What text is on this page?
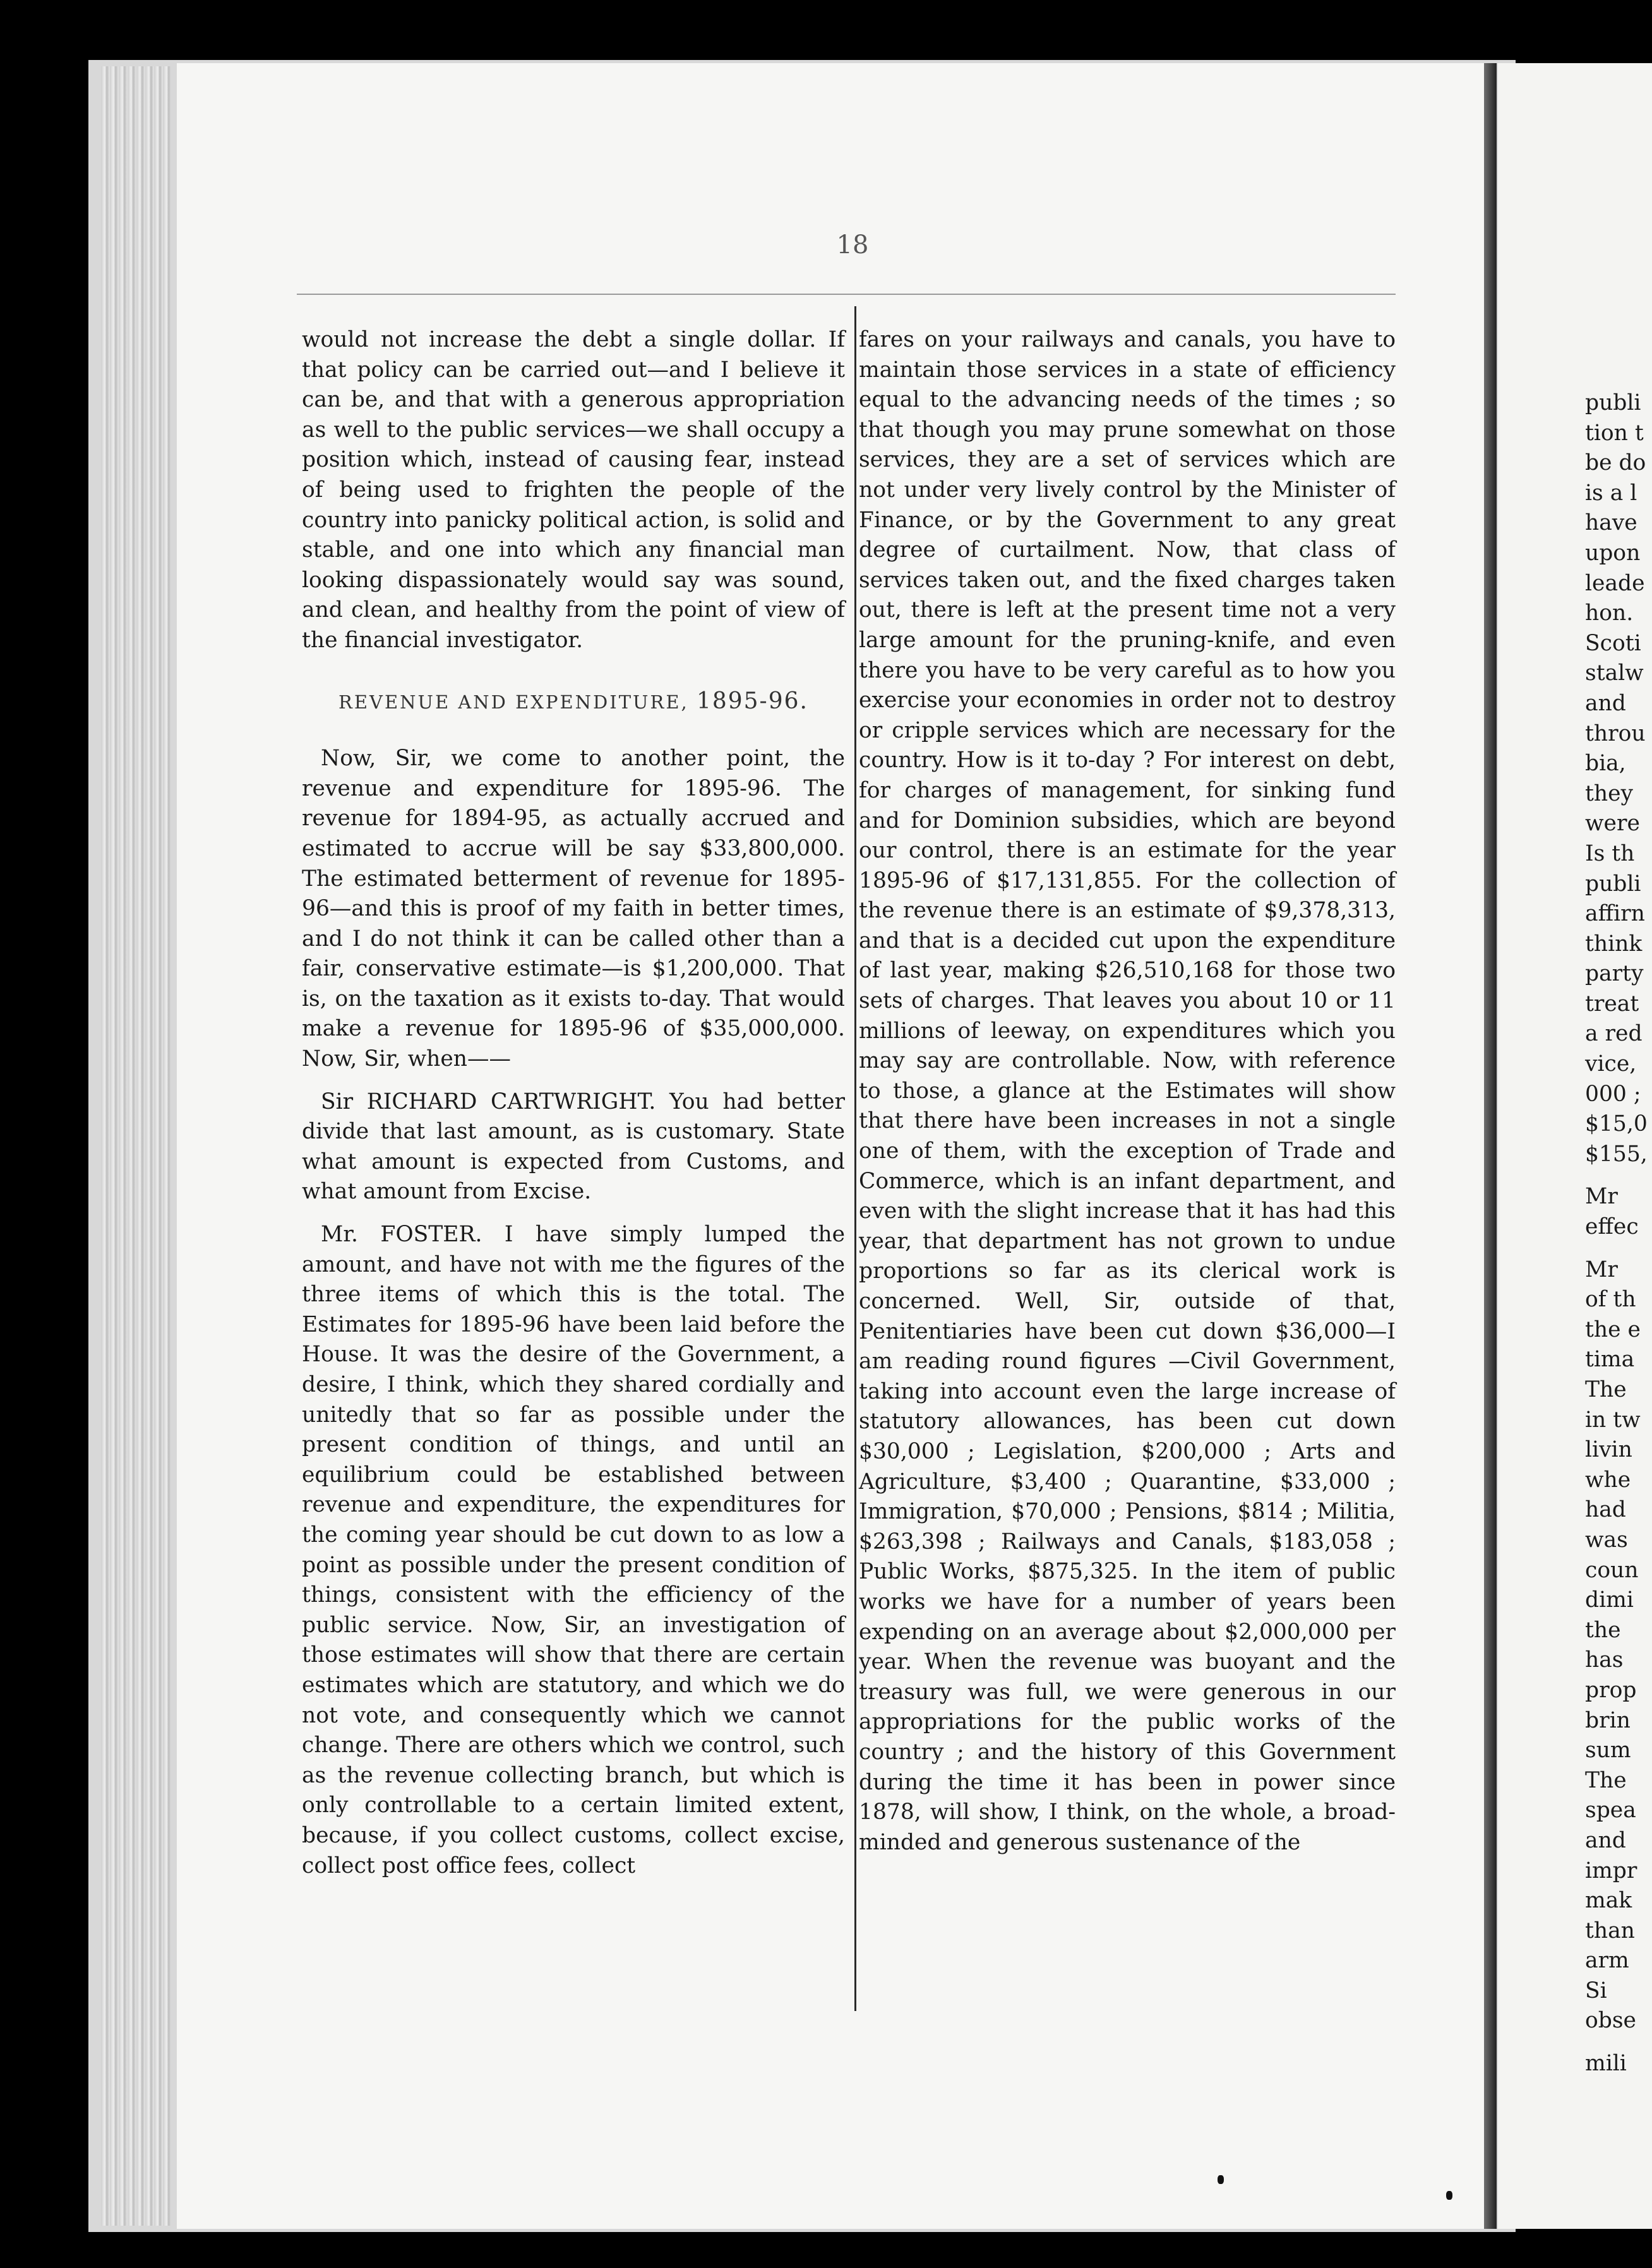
publi

tion t

be do

is a l

have

upon

leade

hon.

Scoti

stalw

and

throu

bia,

they

were

Is th

publi

affirn

think

party

treat

a red

vice,

000 ;

$15,0

$155,

Mr

effec

Mr

of th

the e

tima

The

in tw

livin

whe

had

was

coun

dimi

the

has

prop

brin

sum

The

spea

and

impr

mak

than

arm

Si

obse

mili

18

would not increase the debt a single dollar. If that policy can be carried out—and I believe it can be, and that with a generous appropriation as well to the public services—we shall occupy a position which, instead of causing fear, instead of being used to frighten the people of the country into panicky political action, is solid and stable, and one into which any financial man looking dispassionately would say was sound, and clean, and healthy from the point of view of the financial investigator.

REVENUE AND EXPENDITURE, 1895-96.

Now, Sir, we come to another point, the revenue and expenditure for 1895-96. The revenue for 1894-95, as actually accrued and estimated to accrue will be say $33,800,000. The estimated betterment of revenue for 1895-96—and this is proof of my faith in better times, and I do not think it can be called other than a fair, conservative estimate—is $1,200,000. That is, on the taxation as it exists to-day. That would make a revenue for 1895-96 of $35,000,000. Now, Sir, when——

Sir RICHARD CARTWRIGHT. You had better divide that last amount, as is customary. State what amount is expected from Customs, and what amount from Excise.

Mr. FOSTER. I have simply lumped the amount, and have not with me the figures of the three items of which this is the total. The Estimates for 1895-96 have been laid before the House. It was the desire of the Government, a desire, I think, which they shared cordially and unitedly that so far as possible under the present condition of things, and until an equilibrium could be established between revenue and expenditure, the expenditures for the coming year should be cut down to as low a point as possible under the present condition of things, consistent with the efficiency of the public service. Now, Sir, an investigation of those estimates will show that there are certain estimates which are statutory, and which we do not vote, and consequently which we cannot change. There are others which we control, such as the revenue collecting branch, but which is only controllable to a certain limited extent, because, if you collect customs, collect excise, collect post office fees, collect

fares on your railways and canals, you have to maintain those services in a state of efficiency equal to the advancing needs of the times ; so that though you may prune somewhat on those services, they are a set of services which are not under very lively control by the Minister of Finance, or by the Government to any great degree of curtailment. Now, that class of services taken out, and the fixed charges taken out, there is left at the present time not a very large amount for the pruning-knife, and even there you have to be very careful as to how you exercise your economies in order not to destroy or cripple services which are necessary for the country. How is it to-day ? For interest on debt, for charges of management, for sinking fund and for Dominion subsidies, which are beyond our control, there is an estimate for the year 1895-96 of $17,131,855. For the collection of the revenue there is an estimate of $9,378,313, and that is a decided cut upon the expenditure of last year, making $26,510,168 for those two sets of charges. That leaves you about 10 or 11 millions of leeway, on expenditures which you may say are controllable. Now, with reference to those, a glance at the Estimates will show that there have been increases in not a single one of them, with the exception of Trade and Commerce, which is an infant department, and even with the slight increase that it has had this year, that department has not grown to undue proportions so far as its clerical work is concerned. Well, Sir, outside of that, Penitentiaries have been cut down $36,000—I am reading round figures —Civil Government, taking into account even the large increase of statutory allowances, has been cut down $30,000 ; Legislation, $200,000 ; Arts and Agriculture, $3,400 ; Quarantine, $33,000 ; Immigration, $70,000 ; Pensions, $814 ; Militia, $263,398 ; Railways and Canals, $183,058 ; Public Works, $875,325. In the item of public works we have for a number of years been expending on an average about $2,000,000 per year. When the revenue was buoyant and the treasury was full, we were generous in our appropriations for the public works of the country ; and the history of this Government during the time it has been in power since 1878, will show, I think, on the whole, a broad-minded and generous sustenance of the
